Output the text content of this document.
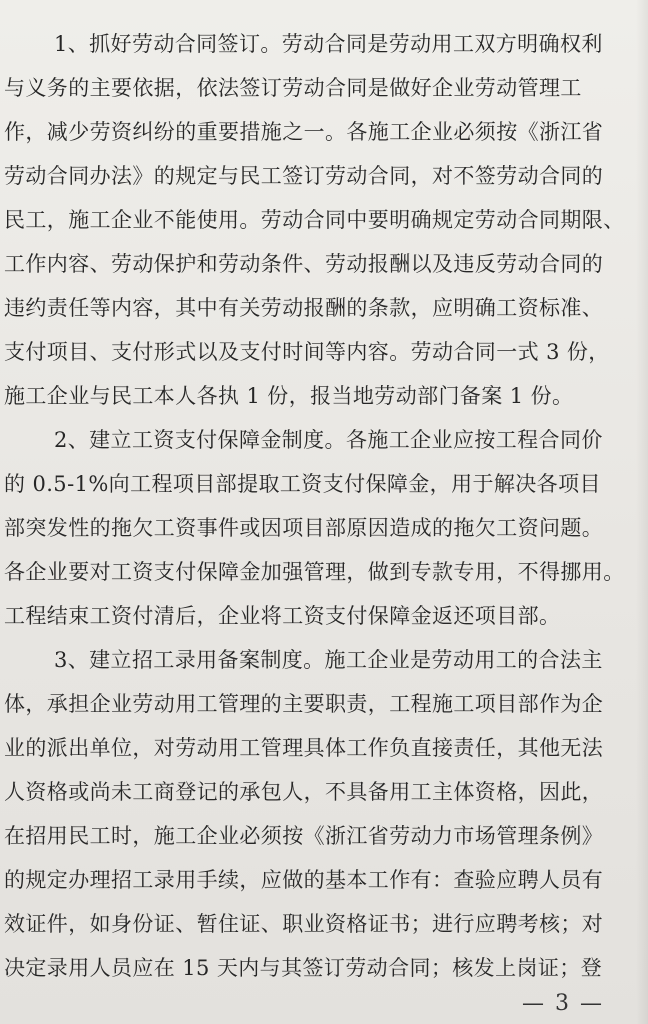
1、抓好劳动合同签订。劳动合同是劳动用工双方明确权利
与义务的主要依据，依法签订劳动合同是做好企业劳动管理工
作，减少劳资纠纷的重要措施之一。各施工企业必须按《浙江省
劳动合同办法》的规定与民工签订劳动合同，对不签劳动合同的
民工，施工企业不能使用。劳动合同中要明确规定劳动合同期限、
工作内容、劳动保护和劳动条件、劳动报酬以及违反劳动合同的
违约责任等内容，其中有关劳动报酬的条款，应明确工资标准、
支付项目、支付形式以及支付时间等内容。劳动合同一式 3 份，
施工企业与民工本人各执 1 份，报当地劳动部门备案 1 份。
2、建立工资支付保障金制度。各施工企业应按工程合同价
的 0.5-1%向工程项目部提取工资支付保障金，用于解决各项目
部突发性的拖欠工资事件或因项目部原因造成的拖欠工资问题。
各企业要对工资支付保障金加强管理，做到专款专用，不得挪用。
工程结束工资付清后，企业将工资支付保障金返还项目部。
3、建立招工录用备案制度。施工企业是劳动用工的合法主
体，承担企业劳动用工管理的主要职责，工程施工项目部作为企
业的派出单位，对劳动用工管理具体工作负直接责任，其他无法
人资格或尚未工商登记的承包人，不具备用工主体资格，因此，
在招用民工时，施工企业必须按《浙江省劳动力市场管理条例》
的规定办理招工录用手续，应做的基本工作有：查验应聘人员有
效证件，如身份证、暂住证、职业资格证书；进行应聘考核；对
决定录用人员应在 15 天内与其签订劳动合同；核发上岗证；登
— 3 —
